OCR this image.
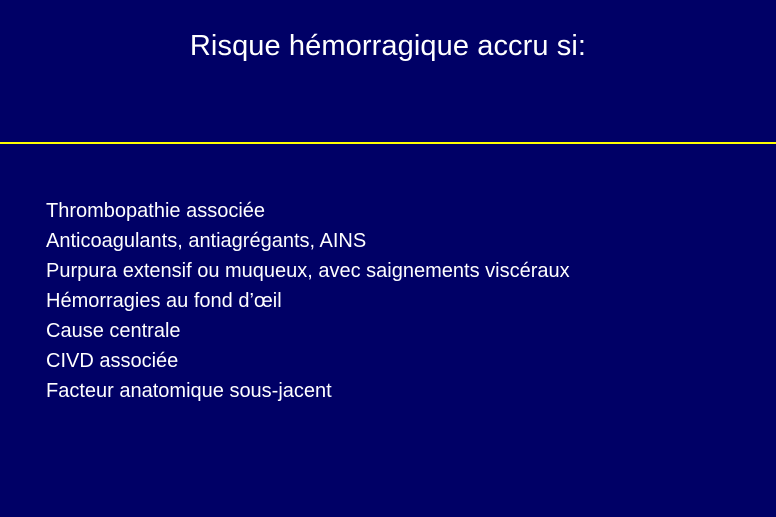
Risque hémorragique accru si:
Thrombopathie associée
Anticoagulants, antiagrégants, AINS
Purpura extensif ou muqueux, avec saignements viscéraux
Hémorragies au fond d’œil
Cause centrale
CIVD associée
Facteur anatomique sous-jacent
